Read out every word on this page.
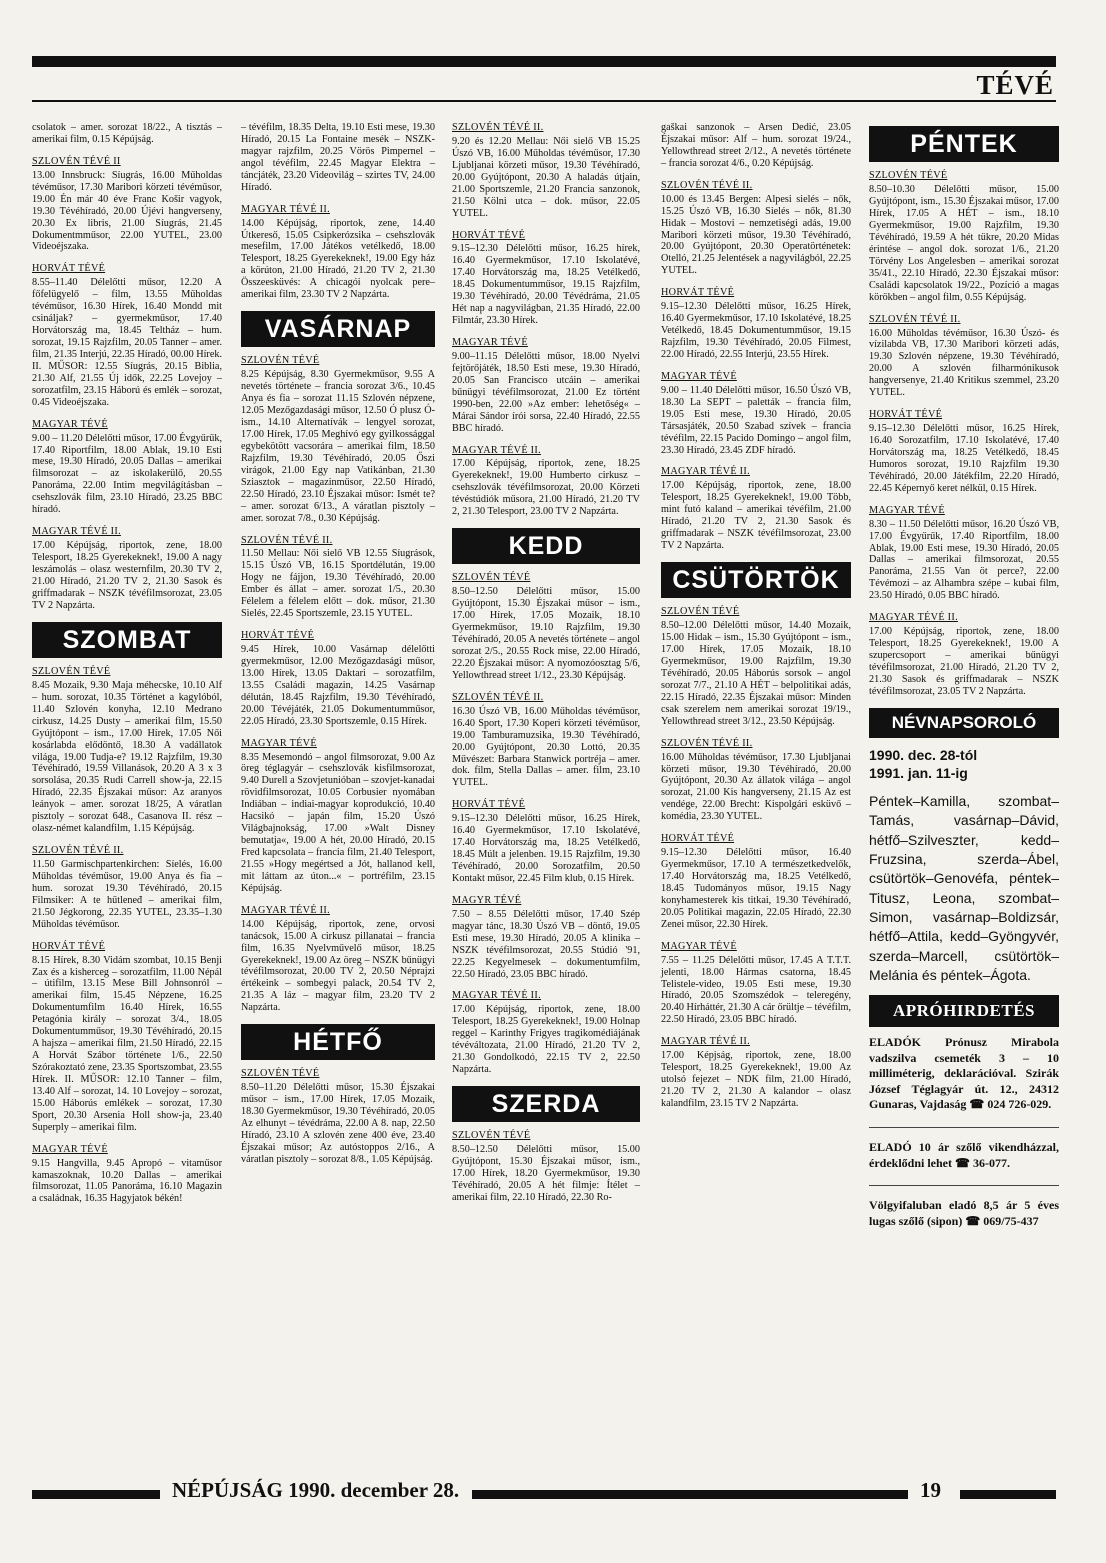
TÉVÉ

csolatok – amer. sorozat 18/22., A tisztás – amerikai film, 0.15 Képújság.

SZLOVÉN TÉVÉ II

13.00 Innsbruck: Síugrás, 16.00 Műholdas tévéműsor, 17.30 Maribori körzeti tévéműsor, 19.00 Én már 40 éve Franc Košir vagyok, 19.30 Tévéhíradó, 20.00 Újévi hangverseny, 20.30 Ex libris, 21.00 Síugrás, 21.45 Dokumentmműsor, 22.00 YUTEL, 23.00 Videoéjszaka.

HORVÁT TÉVÉ

8.55–11.40 Délelőtti műsor, 12.20 A főfelügyelő – film, 13.55 Műholdas tévéműsor, 16.30 Hírek, 16.40 Mondd mit csináljak? – gyermekműsor, 17.40 Horvátország ma, 18.45 Teltház – hum. sorozat, 19.15 Rajzfilm, 20.05 Tanner – amer. film, 21.35 Interjú, 22.35 Híradó, 00.00 Hírek. II. MŰSOR: 12.55 Síugrás, 20.15 Biblia, 21.30 Alf, 21.55 Új idők, 22.25 Lovejoy – sorozatfilm, 23.15 Háború és emlék – sorozat, 0.45 Videoéjszaka.

MAGYAR TÉVÉ

9.00 – 11.20 Délelőtti műsor, 17.00 Évgyűrűk, 17.40 Riportfilm, 18.00 Ablak, 19.10 Esti mese, 19.30 Híradó, 20.05 Dallas – amerikai filmsorozat – az iskolakerülő, 20.55 Panoráma, 22.00 Intim megvilágításban – csehszlovák film, 23.10 Híradó, 23.25 BBC híradó.

MAGYAR TÉVÉ II.

17.00 Képújság, riportok, zene, 18.00 Telesport, 18.25 Gyerekeknek!, 19.00 A nagy leszámolás – olasz westernfilm, 20.30 TV 2, 21.00 Híradó, 21.20 TV 2, 21.30 Sasok és griffmadarak – NSZK tévéfilmsorozat, 23.05 TV 2 Napzárta.

SZOMBAT
SZLOVÉN TÉVÉ

8.45 Mozaik, 9.30 Maja méhecske, 10.10 Alf – hum. sorozat, 10.35 Történet a kagylóból, 11.40 Szlovén konyha, 12.10 Medrano cirkusz, 14.25 Dusty – amerikai film, 15.50 Gyújtópont – ism., 17.00 Hírek, 17.05 Női kosárlabda elődöntő, 18.30 A vadállatok világa, 19.00 Tudja-e? 19.12 Rajzfilm, 19.30 Tévéhíradó, 19.59 Villanások, 20.20 A 3 x 3 sorsolása, 20.35 Rudi Carrell show-ja, 22.15 Híradó, 22.35 Éjszakai műsor: Az aranyos leányok – amer. sorozat 18/25, A váratlan pisztoly – sorozat 648., Casanova II. rész – olasz-német kalandfilm, 1.15 Képújság.

SZLOVÉN TÉVÉ II.

11.50 Garmischpartenkirchen: Síelés, 16.00 Műholdas tévéműsor, 19.00 Anya és fia – hum. sorozat 19.30 Tévéhíradó, 20.15 Filmsiker: A te hűtleneđ – amerikai film, 21.50 Jégkorong, 22.35 YUTEL, 23.35–1.30 Műholdas tévéműsor.

HORVÁT TÉVÉ

8.15 Hírek, 8.30 Vidám szombat, 10.15 Benji Zax és a kisherceg – sorozatfilm, 11.00 Népál – útifilm, 13.15 Mese Bill Johnsonról – amerikai film, 15.45 Népzene, 16.25 Dokumentumfilm 16.40 Hírek, 16.55 Petagónia király – sorozat 3/4., 18.05 Dokumentumműsor, 19.30 Tévéhíradó, 20.15 A hajsza – amerikai film, 21.50 Híradó, 22.15 A Horvát Szábor története 1/6., 22.50 Szórakoztató zene, 23.35 Sportszombat, 23.55 Hírek. II. MŰSOR: 12.10 Tanner – film, 13.40 Alf – sorozat, 14. 10 Lovejoy – sorozat, 15.00 Háborús emlékek – sorozat, 17.30 Sport, 20.30 Arsenia Holl show-ja, 23.40 Superply – amerikai film.

MAGYAR TÉVÉ

9.15 Hangvilla, 9.45 Apropó – vitaműsor kamaszoknak, 10.20 Dallas – amerikai filmsorozat, 11.05 Panoráma, 16.10 Magazin a családnak, 16.35 Hagyjatok békén!

– tévéfilm, 18.35 Delta, 19.10 Esti mese, 19.30 Híradó, 20.15 La Fontaine mesék – NSZK-magyar rajzfilm, 20.25 Vörös Pimpernel – angol tévéfilm, 22.45 Magyar Elektra – táncjáték, 23.20 Videovilág – szirtes TV, 24.00 Híradó.

MAGYAR TÉVÉ II.

14.00 Képújság, riportok, zene, 14.40 Útkereső, 15.05 Csipkerózsika – csehszlovák mesefilm, 17.00 Játékos vetélkedő, 18.00 Telesport, 18.25 Gyerekeknek!, 19.00 Egy ház a körúton, 21.00 Híradó, 21.20 TV 2, 21.30 Összeesküvés: A chicagói nyolcak pere– amerikai film, 23.30 TV 2 Napzárta.

VASÁRNAP
SZLOVÉN TÉVÉ

8.25 Képújság, 8.30 Gyermekműsor, 9.55 A nevetés története – francia sorozat 3/6., 10.45 Anya és fia – sorozat 11.15 Szlovén népzene, 12.05 Mezőgazdasági műsor, 12.50 Ó plusz Ó-ism., 14.10 Alternatívák – lengyel sorozat, 17.00 Hírek, 17.05 Meghívó egy gyilkossággal egybekötött vacsorára – amerikai film, 18.50 Rajzfilm, 19.30 Tévéhíradó, 20.05 Őszi virágok, 21.00 Egy nap Vatikánban, 21.30 Sziasztok – magazinműsor, 22.50 Híradó, 22.50 Híradó, 23.10 Éjszakai műsor: Ismét te? – amer. sorozat 6/13., A váratlan pisztoly – amer. sorozat 7/8., 0.30 Képújság.

SZLOVÉN TÉVÉ II.

11.50 Mellau: Női sielő VB 12.55 Síugrások, 15.15 Úszó VB, 16.15 Sportdélután, 19.00 Hogy ne fájjon, 19.30 Tévéhíradó, 20.00 Ember és állat – amer. sorozat 1/5., 20.30 Félelem a félelem előtt – dok. műsor, 21.30 Sielés, 22.45 Sportszemle, 23.15 YUTEL.

HORVÁT TÉVÉ

9.45 Hírek, 10.00 Vasárnap délelőtti gyermekműsor, 12.00 Mezőgazdasági műsor, 13.00 Hírek, 13.05 Daktari – sorozatfilm, 13.55 Családi magazin, 14.25 Vasárnap délután, 18.45 Rajzfilm, 19.30 Tévéhíradó, 20.00 Tévéjáték, 21.05 Dokumentumműsor, 22.05 Híradó, 23.30 Sportszemle, 0.15 Hírek.

MAGYAR TÉVÉ

8.35 Mesemondó – angol filmsorozat, 9.00 Az öreg téglagyár – csehszlovák kisfilmsorozat, 9.40 Durell a Szovjetunióban – szovjet-kanadai rövidfilmsorozat, 10.05 Corbusier nyomában Indiában – indiai-magyar koprodukció, 10.40 Hacsikó – japán film, 15.20 Úszó Világbajnokság, 17.00 »Walt Disney bemutatja«, 19.00 A hét, 20.00 Híradó, 20.15 Fred kapcsolata – francia film, 21.40 Telesport, 21.55 »Hogy megértsed a Jót, hallanod kell, mit láttam az úton...« – portréfilm, 23.15 Képújság.

MAGYAR TÉVÉ II.

14.00 Képújság, riportok, zene, orvosi tanácsok, 15.00 A cirkusz pillanatai – francia film, 16.35 Nyelvművelő műsor, 18.25 Gyerekeknek!, 19.00 Az öreg – NSZK bűnügyi tévéfilmsorozat, 20.00 TV 2, 20.50 Néprajzi értékeink – sombegyi palack, 20.54 TV 2, 21.35 A láz – magyar film, 23.20 TV 2 Napzárta.

HÉTFŐ
SZLOVÉN TÉVÉ

8.50–11.20 Délelőtti műsor, 15.30 Éjszakai műsor – ism., 17.00 Hírek, 17.05 Mozaik, 18.30 Gyermekműsor, 19.30 Tévéhíradó, 20.05 Az elhunyt – tévédráma, 22.00 A 8. nap, 22.50 Híradó, 23.10 A szlovén zene 400 éve, 23.40 Éjszakai műsor; Az autóstoppos 2/16., A váratlan pisztoly – sorozat 8/8., 1.05 Képújság.

SZLOVÉN TÉVÉ II.

9.20 és 12.20 Mellau: Női sielő VB 15.25 Úszó VB, 16.00 Műholdas tévéműsor, 17.30 Ljubljanai körzeti műsor, 19.30 Tévéhíradó, 20.00 Gyújtópont, 20.30 A haladás útjain, 21.00 Sportszemle, 21.20 Francia sanzonok, 21.50 Kölni utca – dok. műsor, 22.05 YUTEL.

HORVÁT TÉVÉ

9.15–12.30 Délelőtti műsor, 16.25 hírek, 16.40 Gyermekműsor, 17.10 Iskolatévé, 17.40 Horvátország ma, 18.25 Vetélkedő, 18.45 Dokumentumműsor, 19.15 Rajzfilm, 19.30 Tévéhíradó, 20.00 Tévédráma, 21.05 Hét nap a nagyvilágban, 21.35 Híradó, 22.00 Filmtár, 23.30 Hírek.

MAGYAR TÉVÉ

9.00–11.15 Délelőtti műsor, 18.00 Nyelvi fejtörőjáték, 18.50 Esti mese, 19.30 Híradó, 20.05 San Francisco utcáin – amerikai bűnügyi tévéfilmsorozat, 21.00 Ez történt 1990-ben, 22.00 »Az ember: lehetőség« – Márai Sándor írói sorsa, 22.40 Híradó, 22.55 BBC híradó.

MAGYAR TÉVÉ II.

17.00 Képújság, riportok, zene, 18.25 Gyerekeknek!, 19.00 Humberto cirkusz – csehszlovák tévéfilmsorozat, 20.00 Körzeti tévéstúdiók műsora, 21.00 Híradó, 21.20 TV 2, 21.30 Telesport, 23.00 TV 2 Napzárta.

KEDD
SZLOVÉN TÉVÉ

8.50–12.50 Délelőtti műsor, 15.00 Gyújtópont, 15.30 Éjszakai műsor – ism., 17.00 Hírek, 17.05 Mozaik, 18.10 Gyermekműsor, 19.10 Rajzfilm, 19.30 Tévéhíradó, 20.05 A nevetés története – angol sorozat 2/5., 20.55 Rock mise, 22.00 Híradó, 22.20 Éjszakai műsor: A nyomozóosztag 5/6, Yellowthread street 1/12., 23.30 Képújság.

SZLOVÉN TÉVÉ II.

16.30 Úszó VB, 16.00 Műholdas tévéműsor, 16.40 Sport, 17.30 Koperi körzeti tévéműsor, 19.00 Tamburamuzsika, 19.30 Tévéhíradó, 20.00 Gyújtópont, 20.30 Lottó, 20.35 Művészet: Barbara Stanwick portréja – amer. dok. film, Stella Dallas – amer. film, 23.10 YUTEL.

HORVÁT TÉVÉ

9.15–12.30 Délelőtti műsor, 16.25 Hírek, 16.40 Gyermekműsor, 17.10 Iskolatévé, 17.40 Horvátország ma, 18.25 Vetélkedő, 18.45 Múlt a jelenben. 19.15 Rajzfilm, 19.30 Tévéhíradó, 20.00 Sorozatfilm, 20.50 Kontakt műsor, 22.45 Film klub, 0.15 Hírek.

MAGYR TÉVÉ

7.50 – 8.55 Délelőtti műsor, 17.40 Szép magyar tánc, 18.30 Úszó VB – döntő, 19.05 Esti mese, 19.30 Híradó, 20.05 A klinika – NSZK tévéfilmsorozat, 20.55 Stúdió '91, 22.25 Kegyelmesek – dokumentumfilm, 22.50 Híradó, 23.05 BBC híradó.

MAGYAR TÉVÉ II.

17.00 Képújság, riportok, zene, 18.00 Telesport, 18.25 Gyerekeknek!, 19.00 Holnap reggel – Karinthy Frigyes tragikomédiájának tévéváltozata, 21.00 Híradó, 21.20 TV 2, 21.30 Gondolkodó, 22.15 TV 2, 22.50 Napzárta.

SZERDA
SZLOVÉN TÉVÉ

8.50–12.50 Délelőtti műsor, 15.00 Gyújtópont, 15.30 Éjszakai műsor, ism., 17.00 Hírek, 18.20 Gyermekműsor, 19.30 Tévéhíradó, 20.05 A hét filmje: Ítélet – amerikai film, 22.10 Híradó, 22.30 Ro-

gaškai sanzonok – Arsen Dedić, 23.05 Éjszakai műsor: Alf – hum. sorozat 19/24., Yellowthread street 2/12., A nevetés története – francia sorozat 4/6., 0.20 Képújság.

SZLOVÉN TÉVÉ II.

10.00 és 13.45 Bergen: Alpesi sielés – nők, 15.25 Úszó VB, 16.30 Sielés – nők, 81.30 Hidak – Mostovi – nemzetiségi adás, 19.00 Maribori körzeti műsor, 19.30 Tévéhíradó, 20.00 Gyújtópont, 20.30 Operatörténetek: Otelló, 21.25 Jelentések a nagyvilágból, 22.25 YUTEL.

HORVÁT TÉVÉ

9.15–12.30 Délelőtti műsor, 16.25 Hírek, 16.40 Gyermekműsor, 17.10 Iskolatévé, 18.25 Vetélkedő, 18.45 Dokumentumműsor, 19.15 Rajzfilm, 19.30 Tévéhíradó, 20.05 Filmest, 22.00 Híradó, 22.55 Interjú, 23.55 Hírek.

MAGYAR TÉVÉ

9.00 – 11.40 Délelőtti műsor, 16.50 Úszó VB, 18.30 La SEPT – paletták – francia film, 19.05 Esti mese, 19.30 Híradó, 20.05 Társasjáték, 20.50 Szabad szívek – francia tévéfilm, 22.15 Pacido Domingo – angol film, 23.30 Híradó, 23.45 ZDF híradó.

MAGYAR TÉVÉ II.

17.00 Képújság, riportok, zene, 18.00 Telesport, 18.25 Gyerekeknek!, 19.00 Több, mint futó kaland – amerikai tévéfilm, 21.00 Híradó, 21.20 TV 2, 21.30 Sasok és griffmadarak – NSZK tévéfilmsorozat, 23.00 TV 2 Napzárta.

CSÜTÖRTÖK
SZLOVÉN TÉVÉ

8.50–12.00 Délelőtti műsor, 14.40 Mozaik, 15.00 Hidak – ism., 15.30 Gyújtópont – ism., 17.00 Hírek, 17.05 Mozaik, 18.10 Gyermekműsor, 19.00 Rajzfilm, 19.30 Tévéhíradó, 20.05 Háborús sorsok – angol sorozat 7/7., 21.10 A HÉT – belpolitikai adás, 22.15 Híradó, 22.35 Éjszakai műsor: Minden csak szerelem nem amerikai sorozat 19/19., Yellowthread street 3/12., 23.50 Képújság.

SZLOVÉN TÉVÉ II.

16.00 Műholdas tévéműsor, 17.30 Ljubljanai körzeti műsor, 19.30 Tévéhíradó, 20.00 Gyújtópont, 20.30 Az állatok világa – angol sorozat, 21.00 Kis hangverseny, 21.15 Az est vendége, 22.00 Brecht: Kispolgári esküvő – komédia, 23.30 YUTEL.

HORVÁT TÉVÉ

9.15–12.30 Délelőtti műsor, 16.40 Gyermekműsor, 17.10 A természetkedvelők, 17.40 Horvátország ma, 18.25 Vetélkedő, 18.45 Tudományos műsor, 19.15 Nagy konyhamesterek kis titkai, 19.30 Tévéhíradó, 20.05 Politikai magazin, 22.05 Híradó, 22.30 Zenei műsor, 22.30 Hírek.

MAGYAR TÉVÉ

7.55 – 11.25 Délelőtti műsor, 17.45 A T.T.T. jelenti, 18.00 Hármas csatorna, 18.45 Telistele-video, 19.05 Esti mese, 19.30 Híradó, 20.05 Szomszédok – teleregény, 20.40 Hírháttér, 21.30 A cár őrültje – tévéfilm, 22.50 Híradó, 23.05 BBC híradó.

MAGYAR TÉVÉ II.

17.00 Képjság, riportok, zene, 18.00 Telesport, 18.25 Gyerekeknek!, 19.00 Az utolsó fejezet – NDK film, 21.00 Híradó, 21.20 TV 2, 21.30 A kalandor – olasz kalandfilm, 23.15 TV 2 Napzárta.

PÉNTEK
SZLOVÉN TÉVÉ

8.50–10.30 Délelőtti műsor, 15.00 Gyújtópont, ism., 15.30 Éjszakai műsor, 17.00 Hírek, 17.05 A HÉT – ism., 18.10 Gyermekműsor, 19.00 Rajzfilm, 19.30 Tévéhíradó, 19.59 A hét tükre, 20.20 Midas érintése – angol dok. sorozat 1/6., 21.20 Törvény Los Angelesben – amerikai sorozat 35/41., 22.10 Híradó, 22.30 Éjszakai műsor: Családi kapcsolatok 19/22., Pozíció a magas körökben – angol film, 0.55 Képújság.

SZLOVÉN TÉVÉ II.

16.00 Műholdas tévéműsor, 16.30 Úszó- és vízilabda VB, 17.30 Maribori körzeti adás, 19.30 Szlovén népzene, 19.30 Tévéhíradó, 20.00 A szlovén filharmónikusok hangversenye, 21.40 Kritikus szemmel, 23.20 YUTEL.

HORVÁT TÉVÉ

9.15–12.30 Délelőtti műsor, 16.25 Hírek, 16.40 Sorozatfilm, 17.10 Iskolatévé, 17.40 Horvátország ma, 18.25 Vetélkedő, 18.45 Humoros sorozat, 19.10 Rajzfilm 19.30 Tévéhíradó, 20.00 Játékfilm, 22.20 Híradó, 22.45 Képernyő keret nélkül, 0.15 Hírek.

MAGYAR TÉVÉ

8.30 – 11.50 Délelőtti műsor, 16.20 Úszó VB, 17.00 Évgyűrűk, 17.40 Riportfilm, 18.00 Ablak, 19.00 Esti mese, 19.30 Híradó, 20.05 Dallas – amerikai filmsorozat, 20.55 Panoráma, 21.55 Van öt perce?, 22.00 Tévémozi – az Alhambra szépe – kubai film, 23.50 Híradó, 0.05 BBC híradó.

MAGYAR TÉVÉ II.

17.00 Képújság, riportok, zene, 18.00 Telesport, 18.25 Gyerekeknek!, 19.00 A szupercsoport – amerikai bűnügyi tévéfilmsorozat, 21.00 Híradó, 21.20 TV 2, 21.30 Sasok és griffmadarak – NSZK tévéfilmsorozat, 23.05 TV 2 Napzárta.

NÉVNAPSOROLÓ
1990. dec. 28-tól
1991. jan. 11-ig
Péntek–Kamilla, szombat–Tamás, vasárnap–Dávid, hétfő–Szilveszter, kedd–Fruzsina, szerda–Ábel, csütörtök–Genovéfa, péntek–Titusz, Leona, szombat–Simon, vasárnap–Boldizsár, hétfő–Attila, kedd–Gyöngyvér, szerda–Marcell, csütörtök–Melánia és péntek–Ágota.
APRÓHIRDETÉS
ELADÓK Prónusz Mirabola vadszilva csemeték 3 – 10 milliméterig, deklarációval. Szirák József Téglagyár út. 12., 24312 Gunaras, Vajdaság ☎ 024 726-029.
ELADÓ 10 ár szőlő vikendházzal, érdeklődni lehet ☎ 36-077.
Völgyifaluban eladó 8,5 ár 5 éves lugas szőlő (sipon) ☎ 069/75-437
NÉPÚJSÁG 1990. december 28.	19
